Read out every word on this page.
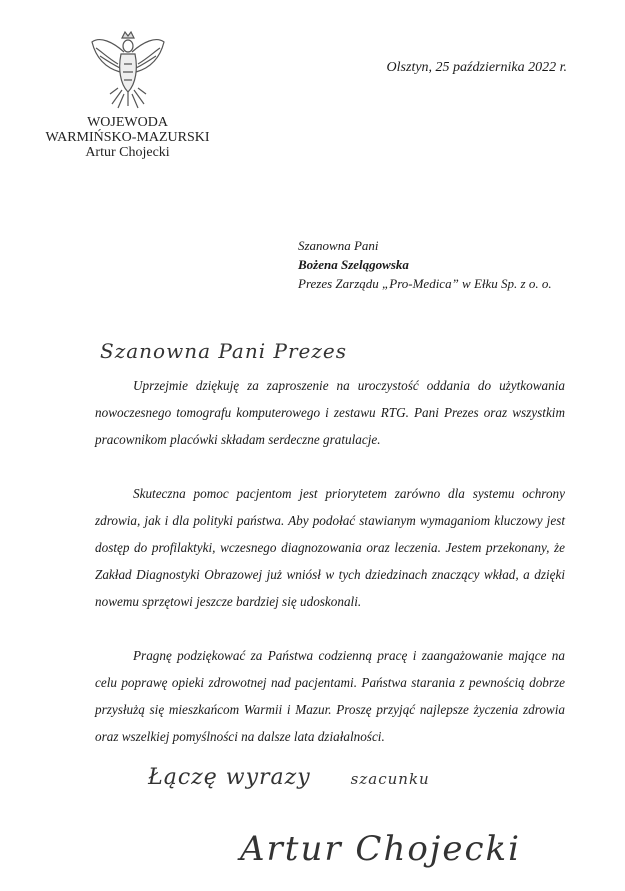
WOJEWODA
WARMIŃSKO-MAZURSKI
Artur Chojecki
Olsztyn, 25 października 2022 r.
Szanowna Pani
Bożena Szelągowska
Prezes Zarządu „Pro-Medica” w Ełku Sp. z o. o.
Szanowna Pani Prezes

Uprzejmie dziękuję za zaproszenie na uroczystość oddania do użytkowania nowoczesnego tomografu komputerowego i zestawu RTG. Pani Prezes oraz wszystkim pracownikom placówki składam serdeczne gratulacje.

Skuteczna pomoc pacjentom jest priorytetem zarówno dla systemu ochrony zdrowia, jak i dla polityki państwa. Aby podołać stawianym wymaganiom kluczowy jest dostęp do profilaktyki, wczesnego diagnozowania oraz leczenia. Jestem przekonany, że Zakład Diagnostyki Obrazowej już wniósł w tych dziedzinach znaczący wkład, a dzięki nowemu sprzętowi jeszcze bardziej się udoskonali.

Pragnę podziękować za Państwa codzienną pracę i zaangażowanie mające na celu poprawę opieki zdrowotnej nad pacjentami. Państwa starania z pewnością dobrze przysłużą się mieszkańcom Warmii i Mazur. Proszę przyjąć najlepsze życzenia zdrowia oraz wszelkiej pomyślności na dalsze lata działalności.

Łączę wyrazy	szacunku
Artur Chojecki
